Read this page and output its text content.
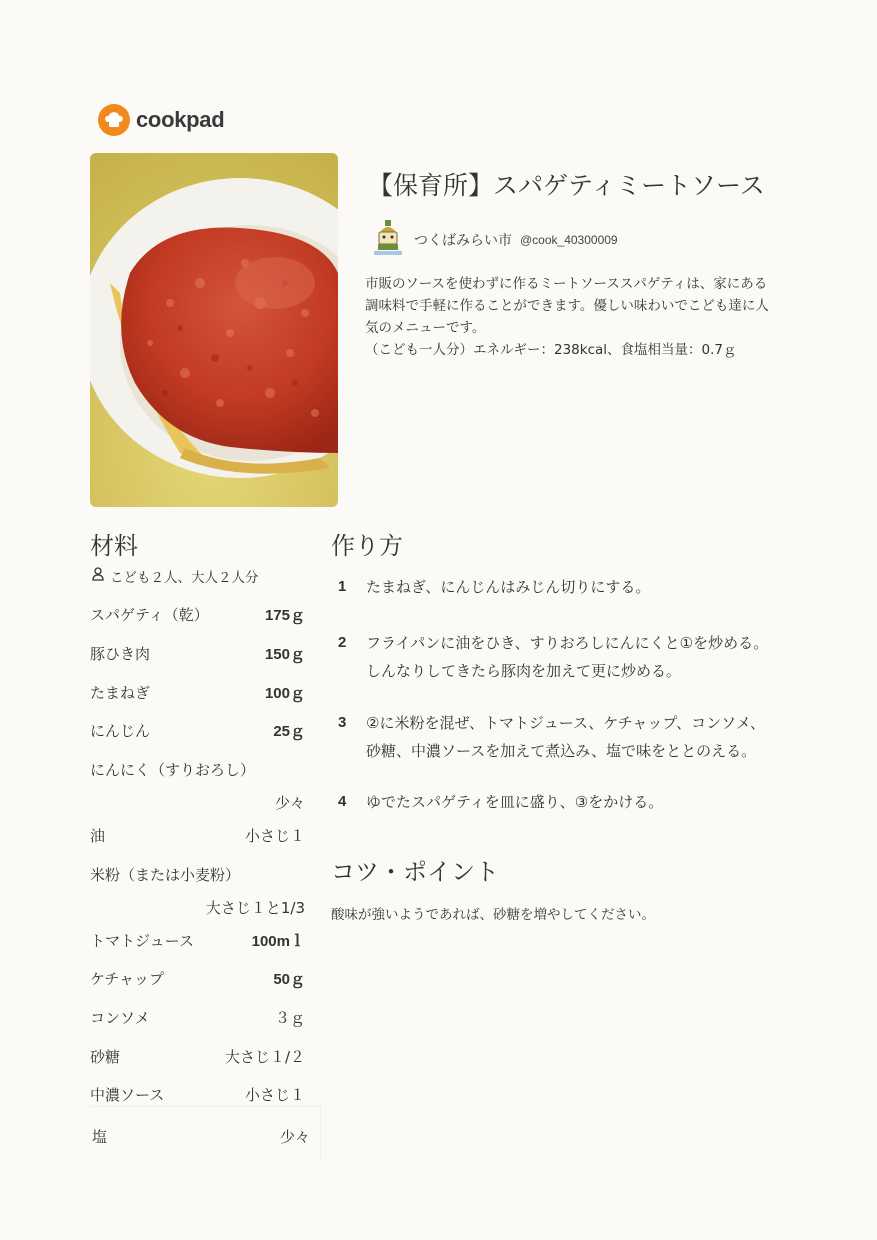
cookpad
【保育所】スパゲティミートソース
つくばみらい市 @cook_40300009
市販のソースを使わずに作るミートソーススパゲティは、家にある
調味料で手軽に作ることができます。優しい味わいでこども達に人
気のメニューです。
（こども一人分）エネルギー：238kcal、食塩相当量：0.7ｇ
材料
こども２人、大人２人分
スパゲティ（乾）	175ｇ
豚ひき肉	150ｇ
たまねぎ	100ｇ
にんじん	25ｇ
にんにく（すりおろし）
少々
油	小さじ１
米粉（または小麦粉）
大さじ１と1/3
トマトジュース	100mｌ
ケチャップ	50ｇ
コンソメ	３ｇ
砂糖	大さじ１/２
中濃ソース	小さじ１
塩	少々
作り方
1	たまねぎ、にんじんはみじん切りにする。
2	フライパンに油をひき、すりおろしにんにくと①を炒める。
しんなりしてきたら豚肉を加えて更に炒める。
3	②に米粉を混ぜ、トマトジュース、ケチャップ、コンソメ、
砂糖、中濃ソースを加えて煮込み、塩で味をととのえる。
4	ゆでたスパゲティを皿に盛り、③をかける。
コツ・ポイント
酸味が強いようであれば、砂糖を増やしてください。
